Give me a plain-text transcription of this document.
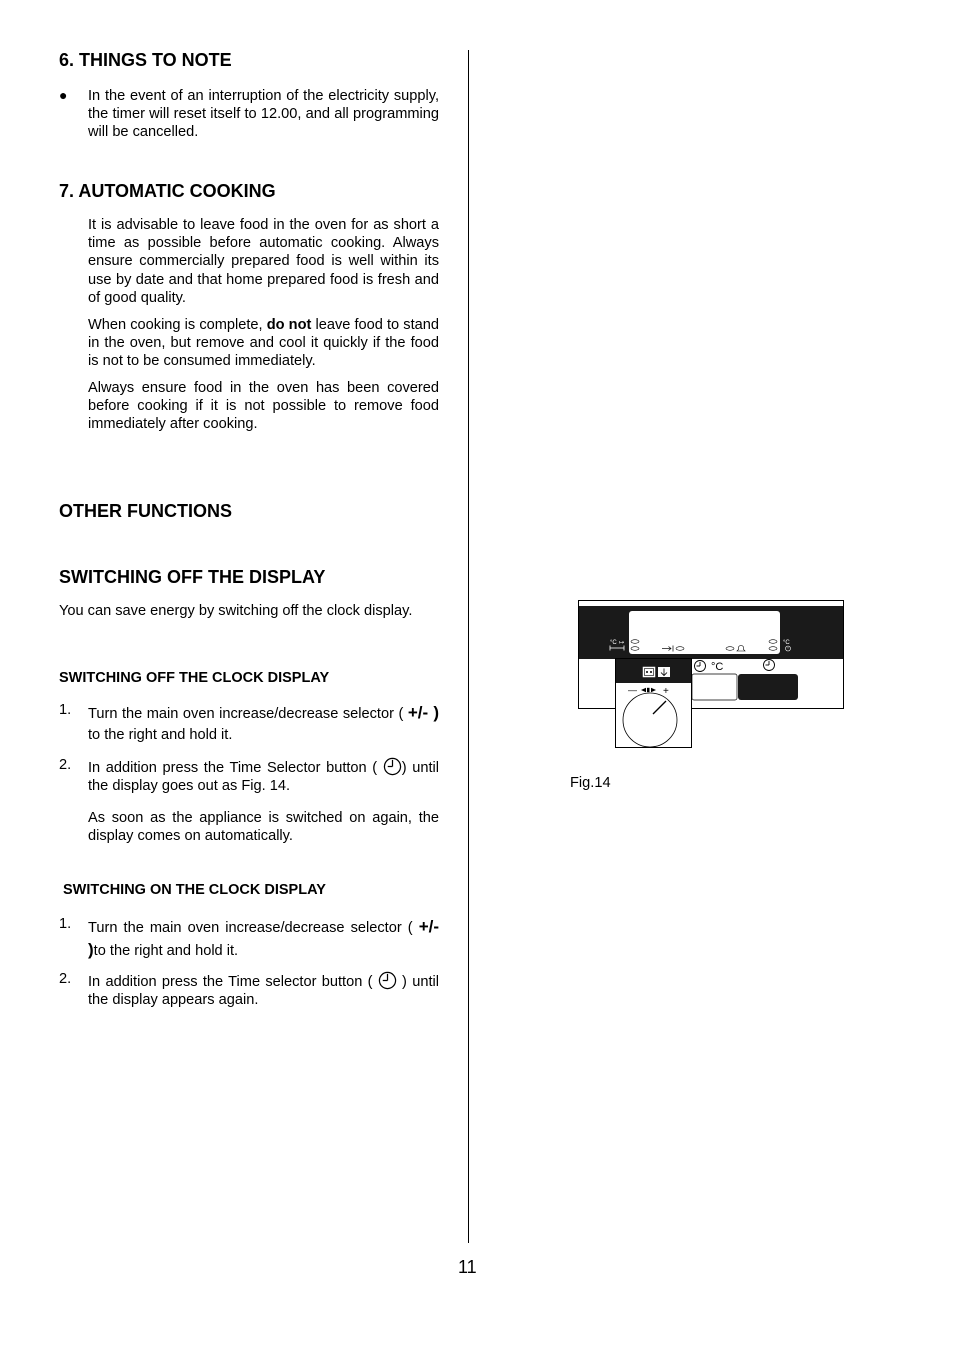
6. THINGS TO NOTE
● In the event of an interruption of the electricity supply, the timer will reset itself to 12.00, and all programming will be cancelled.
7. AUTOMATIC COOKING
It is advisable to leave food in the oven for as short a time as possible before automatic cooking. Always ensure commercially prepared food is well within its use by date and that home prepared food is fresh and of good quality.
When cooking is complete, do not leave food to stand in the oven, but remove and cool it quickly if the food is not to be consumed immediately.
Always ensure food in the oven has been covered before cooking if it is not possible to remove food immediately after cooking.
OTHER FUNCTIONS
SWITCHING OFF THE DISPLAY
You can save energy by switching off the clock display.
SWITCHING OFF THE CLOCK DISPLAY
1. Turn the main oven increase/decrease selector ( +/- ) to the right and hold it.
2. In addition press the Time Selector button ( ) until the display goes out as Fig. 14.
As soon as the appliance is switched on again, the display comes on automatically.
SWITCHING ON THE CLOCK DISPLAY
1. Turn the main oven increase/decrease selector ( +/- )to the right and hold it.
2. In addition press the Time selector button (  ) until the display appears again.
°C ↦	°C
°C
—	+
Fig.14
11
